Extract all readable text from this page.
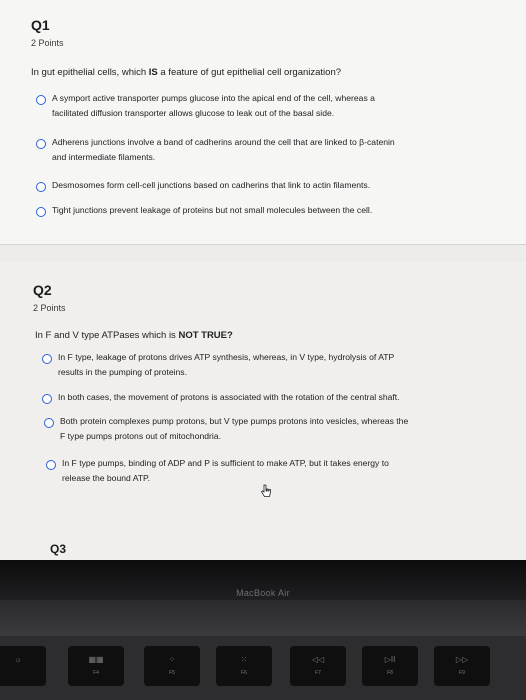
Q1
2 Points
In gut epithelial cells, which IS a feature of gut epithelial cell organization?
A symport active transporter pumps glucose into the apical end of the cell, whereas a
facilitated diffusion transporter allows glucose to leak out of the basal side.
Adherens junctions involve a band of cadherins around the cell that are linked to β-catenin
and intermediate filaments.
Desmosomes form cell-cell junctions based on cadherins that link to actin filaments.
Tight junctions prevent leakage of proteins but not small molecules between the cell.
Q2
2 Points
In F and V type ATPases which is NOT TRUE?
In F type, leakage of protons drives ATP synthesis, whereas, in V type, hydrolysis of ATP
results in the pumping of proteins.
In both cases, the movement of protons is associated with the rotation of the central shaft.
Both protein complexes pump protons, but V type pumps protons into vesicles, whereas the
F type pumps protons out of mitochondria.
In F type pumps, binding of ADP and P is sufficient to make ATP, but it takes energy to
release the bound ATP.
Q3
MacBook Air
☼	▦▦
F4
⁘
F5
⁙
F6
◁◁
F7
▷II
F8
▷▷
F9
